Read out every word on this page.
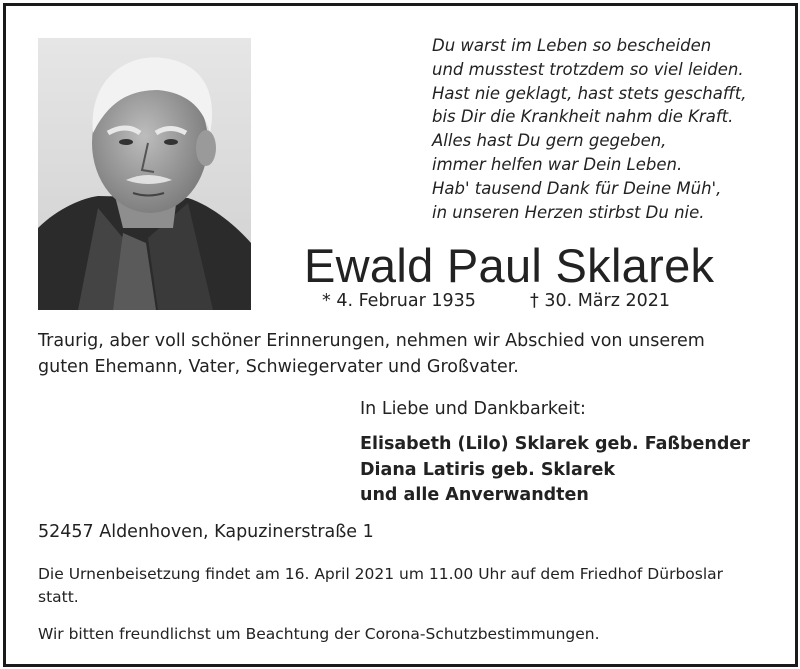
Du warst im Leben so bescheiden
und musstest trotzdem so viel leiden.
Hast nie geklagt, hast stets geschafft,
bis Dir die Krankheit nahm die Kraft.
Alles hast Du gern gegeben,
immer helfen war Dein Leben.
Hab' tausend Dank für Deine Müh',
in unseren Herzen stirbst Du nie.
Ewald Paul Sklarek
* 4. Februar 1935	† 30. März 2021
Traurig, aber voll schöner Erinnerungen, nehmen wir Abschied von unserem
guten Ehemann, Vater, Schwiegervater und Großvater.
In Liebe und Dankbarkeit:
Elisabeth (Lilo) Sklarek geb. Faßbender
Diana Latiris geb. Sklarek
und alle Anverwandten
52457 Aldenhoven, Kapuzinerstraße 1
Die Urnenbeisetzung findet am 16. April 2021 um 11.00 Uhr auf dem Friedhof Dürboslar
statt.
Wir bitten freundlichst um Beachtung der Corona-Schutzbestimmungen.
